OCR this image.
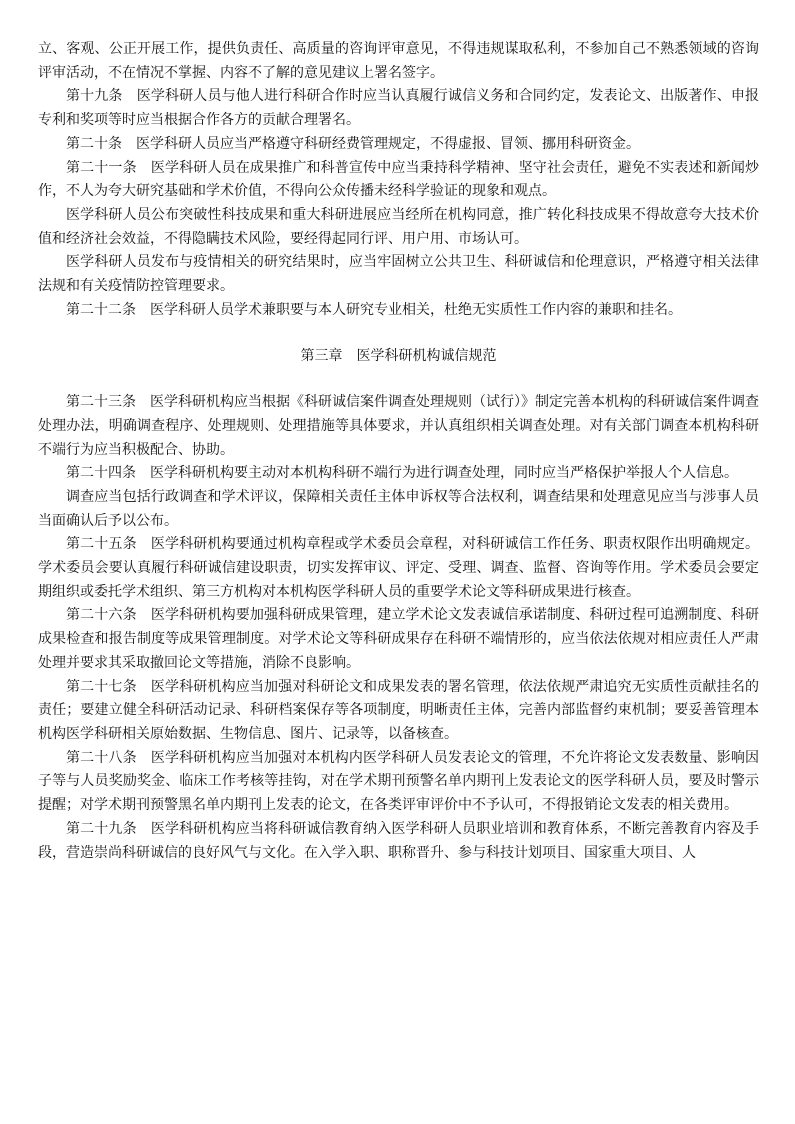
立、客观、公正开展工作，提供负责任、高质量的咨询评审意见，不得违规谋取私利，不参加自己不熟悉领域的咨询评审活动，不在情况不掌握、内容不了解的意见建议上署名签字。

第十九条　医学科研人员与他人进行科研合作时应当认真履行诚信义务和合同约定，发表论文、出版著作、申报专利和奖项等时应当根据合作各方的贡献合理署名。

第二十条　医学科研人员应当严格遵守科研经费管理规定，不得虚报、冒领、挪用科研资金。

第二十一条　医学科研人员在成果推广和科普宣传中应当秉持科学精神、坚守社会责任，避免不实表述和新闻炒作，不人为夸大研究基础和学术价值，不得向公众传播未经科学验证的现象和观点。

医学科研人员公布突破性科技成果和重大科研进展应当经所在机构同意，推广转化科技成果不得故意夸大技术价值和经济社会效益，不得隐瞒技术风险，要经得起同行评、用户用、市场认可。

医学科研人员发布与疫情相关的研究结果时，应当牢固树立公共卫生、科研诚信和伦理意识，严格遵守相关法律法规和有关疫情防控管理要求。

第二十二条　医学科研人员学术兼职要与本人研究专业相关，杜绝无实质性工作内容的兼职和挂名。

第三章　医学科研机构诚信规范

第二十三条　医学科研机构应当根据《科研诚信案件调查处理规则（试行）》制定完善本机构的科研诚信案件调查处理办法，明确调查程序、处理规则、处理措施等具体要求，并认真组织相关调查处理。对有关部门调查本机构科研不端行为应当积极配合、协助。

第二十四条　医学科研机构要主动对本机构科研不端行为进行调查处理，同时应当严格保护举报人个人信息。

调查应当包括行政调查和学术评议，保障相关责任主体申诉权等合法权利，调查结果和处理意见应当与涉事人员当面确认后予以公布。

第二十五条　医学科研机构要通过机构章程或学术委员会章程，对科研诚信工作任务、职责权限作出明确规定。学术委员会要认真履行科研诚信建设职责，切实发挥审议、评定、受理、调查、监督、咨询等作用。学术委员会要定期组织或委托学术组织、第三方机构对本机构医学科研人员的重要学术论文等科研成果进行核查。

第二十六条　医学科研机构要加强科研成果管理，建立学术论文发表诚信承诺制度、科研过程可追溯制度、科研成果检查和报告制度等成果管理制度。对学术论文等科研成果存在科研不端情形的，应当依法依规对相应责任人严肃处理并要求其采取撤回论文等措施，消除不良影响。

第二十七条　医学科研机构应当加强对科研论文和成果发表的署名管理，依法依规严肃追究无实质性贡献挂名的责任；要建立健全科研活动记录、科研档案保存等各项制度，明晰责任主体，完善内部监督约束机制；要妥善管理本机构医学科研相关原始数据、生物信息、图片、记录等，以备核查。

第二十八条　医学科研机构应当加强对本机构内医学科研人员发表论文的管理，不允许将论文发表数量、影响因子等与人员奖励奖金、临床工作考核等挂钩，对在学术期刊预警名单内期刊上发表论文的医学科研人员，要及时警示提醒；对学术期刊预警黑名单内期刊上发表的论文，在各类评审评价中不予认可，不得报销论文发表的相关费用。

第二十九条　医学科研机构应当将科研诚信教育纳入医学科研人员职业培训和教育体系，不断完善教育内容及手段，营造崇尚科研诚信的良好风气与文化。在入学入职、职称晋升、参与科技计划项目、国家重大项目、人
